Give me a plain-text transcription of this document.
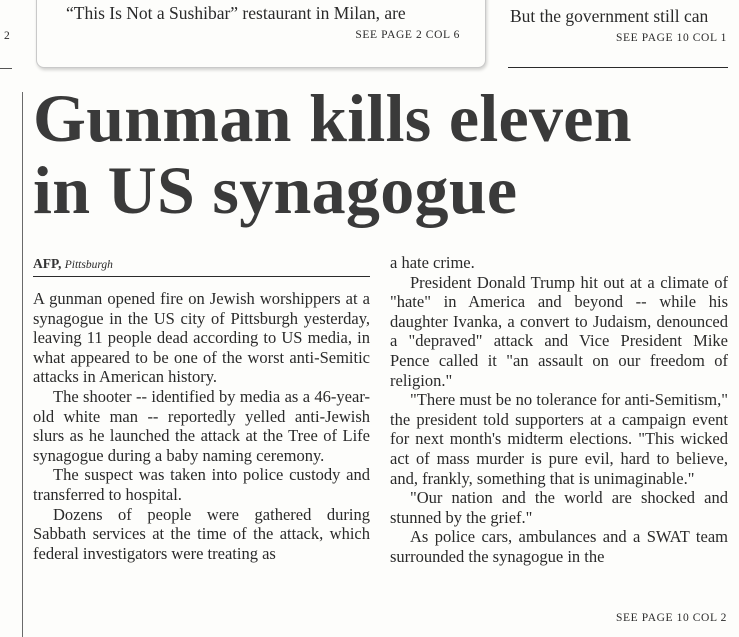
2
“This Is Not a Sushibar” restaurant in Milan, are
SEE PAGE 2 COL 6
But the government still can
SEE PAGE 10 COL 1
Gunman kills eleven
in US synagogue
AFP, Pittsburgh

A gunman opened fire on Jewish worshippers at a synagogue in the US city of Pittsburgh yesterday, leaving 11 people dead according to US media, in what appeared to be one of the worst anti-Semitic attacks in American history.

The shooter -- identified by media as a 46-year-old white man -- reportedly yelled anti-Jewish slurs as he launched the attack at the Tree of Life synagogue during a baby naming ceremony.

The suspect was taken into police custody and transferred to hospital.

Dozens of people were gathered during Sabbath services at the time of the attack, which federal investigators were treating as

a hate crime.

President Donald Trump hit out at a climate of "hate" in America and beyond -- while his daughter Ivanka, a convert to Judaism, denounced a "depraved" attack and Vice President Mike Pence called it "an assault on our freedom of religion."

"There must be no tolerance for anti-Semitism," the president told supporters at a campaign event for next month's midterm elections. "This wicked act of mass murder is pure evil, hard to believe, and, frankly, something that is unimaginable."

"Our nation and the world are shocked and stunned by the grief."

As police cars, ambulances and a SWAT team surrounded the synagogue in the

SEE PAGE 10 COL 2
